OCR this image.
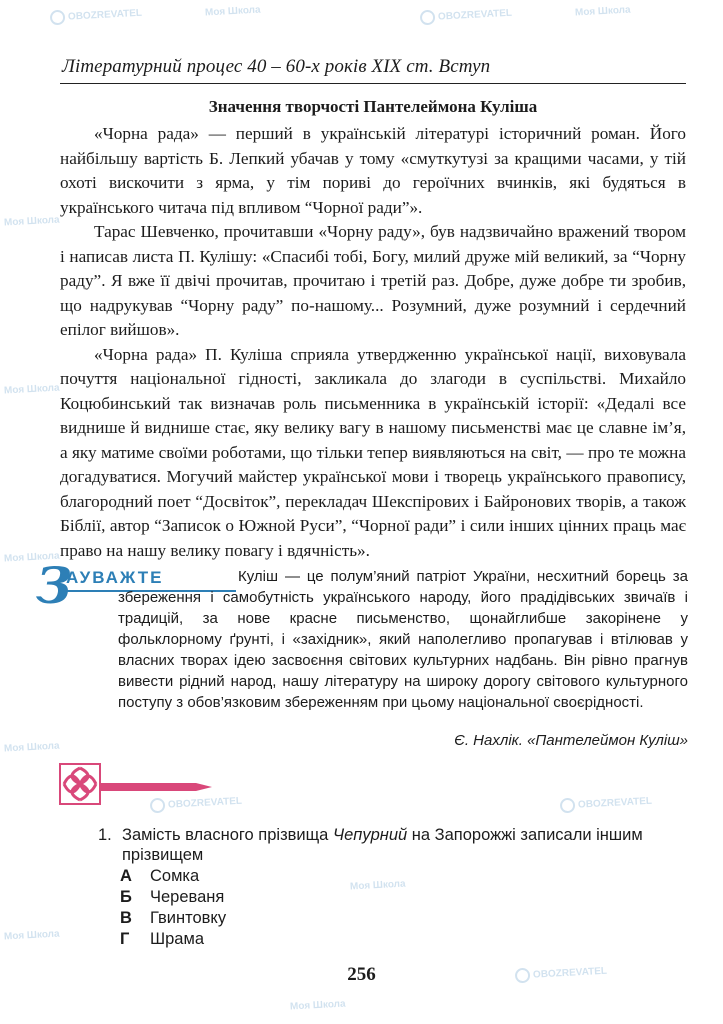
OBOZREVATEL	Моя Школа	OBOZREVATEL	Моя Школа
Моя Школа
Моя Школа
Моя Школа
Моя Школа
Моя Школа
OBOZREVATEL
Моя Школа
OBOZREVATEL
OBOZREVATEL
Моя Школа
Літературний процес 40 – 60-х років XIX ст. Вступ
Значення творчості Пантелеймона Куліша

«Чорна рада» — перший в українській літературі історичний роман. Його найбільшу вартість Б. Лепкий убачав у тому «смуткутузі за кращими часами, у тій охоті вискочити з ярма, у тім пориві до героїчних вчинків, які будяться в українського читача під впливом “Чорної ради”».

Тарас Шевченко, прочитавши «Чорну раду», був надзвичайно вражений твором і написав листа П. Кулішу: «Спасибі тобі, Богу, милий друже мій великий, за “Чорну раду”. Я вже її двічі прочитав, прочитаю і третій раз. Добре, дуже добре ти зробив, що надрукував “Чорну раду” по-нашому... Розумний, дуже розумний і сердечний епілог вийшов».

«Чорна рада» П. Куліша сприяла утвердженню української нації, виховувала почуття національної гідності, закликала до злагоди в суспільстві. Михайло Коцюбинський так визначав роль письменника в українській історії: «Дедалі все виднише й виднише стає, яку велику вагу в нашому письменстві має це славне ім’я, а яку матиме своїми роботами, що тільки тепер виявляються на світ, — про те можна догадуватися. Могучий майстер української мови і творець українського правопису, благородний поет “Досвіток”, перекладач Шекспірових і Байронових творів, а також Біблії, автор “Записок о Южной Руси”, “Чорної ради” і сили інших цінних праць має право на нашу велику повагу і вдячність».

З
АУВАЖТЕ	Куліш — це полум’яний патріот України, несхитний борець за збереження і самобутність українського народу, його прадідівських звичаїв і традицій, за нове красне письменство, щонайглибше закорінене у фольклорному ґрунті, і «західник», який наполегливо пропагував і втілював у власних творах ідею засвоєння світових культурних надбань. Він рівно прагнув вивести рідний народ, нашу літературу на широку дорогу світового культурного поступу з обов’язковим збереженням при цьому національної своєрідності.

Є. Нахлік. «Пантелеймон Куліш»
1. Замість власного прізвища Чепурний на Запорожжі записали іншим прізвищем
А Сомка
Б Череваня
В Гвинтовку
Г Шрама
256
